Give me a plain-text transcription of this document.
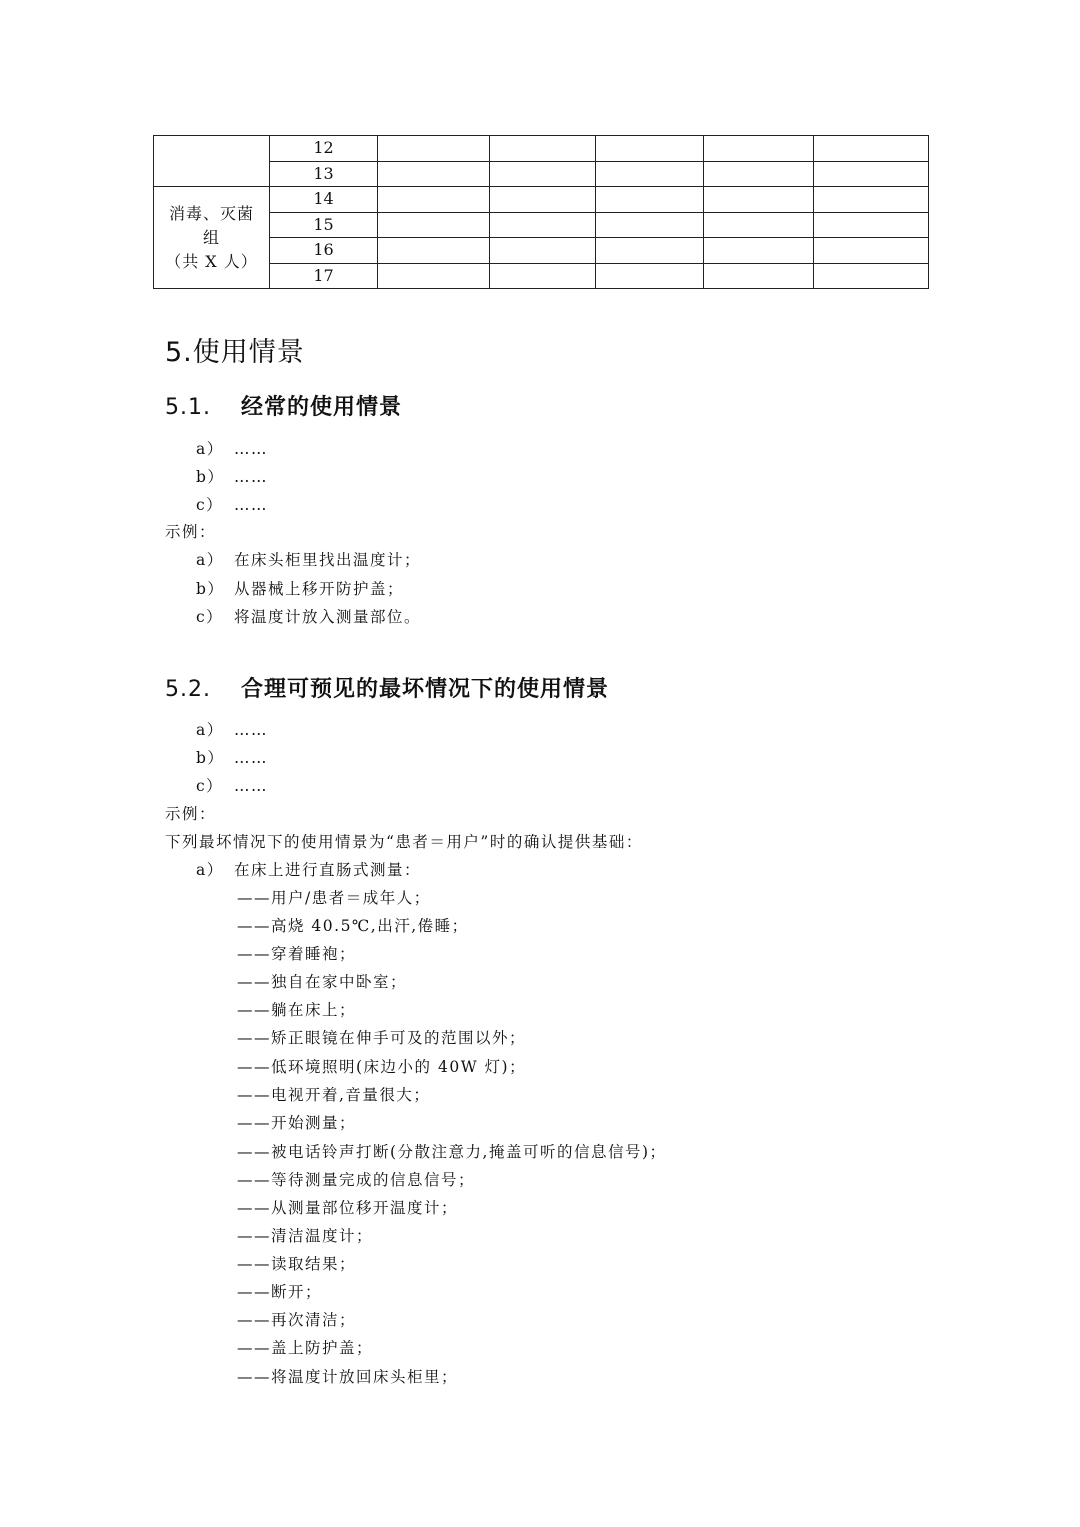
	12					
	13					

消毒、灭菌
组
（共 X 人）	14					
	15					
	16					
	17					
5.使用情景
5.1. 经常的使用情景
a） ……
b） ……
c） ……
示例：
a） 在床头柜里找出温度计；
b） 从器械上移开防护盖；
c） 将温度计放入测量部位。
5.2. 合理可预见的最坏情况下的使用情景
a） ……
b） ……
c） ……
示例：
下列最坏情况下的使用情景为“患者＝用户”时的确认提供基础：
a） 在床上进行直肠式测量：
——用户/患者＝成年人；
——高烧 40.5℃,出汗,倦睡；
——穿着睡袍；
——独自在家中卧室；
——躺在床上；
——矫正眼镜在伸手可及的范围以外；
——低环境照明(床边小的 40W 灯)；
——电视开着,音量很大；
——开始测量；
——被电话铃声打断(分散注意力,掩盖可听的信息信号)；
——等待测量完成的信息信号；
——从测量部位移开温度计；
——清洁温度计；
——读取结果；
——断开；
——再次清洁；
——盖上防护盖；
——将温度计放回床头柜里；
